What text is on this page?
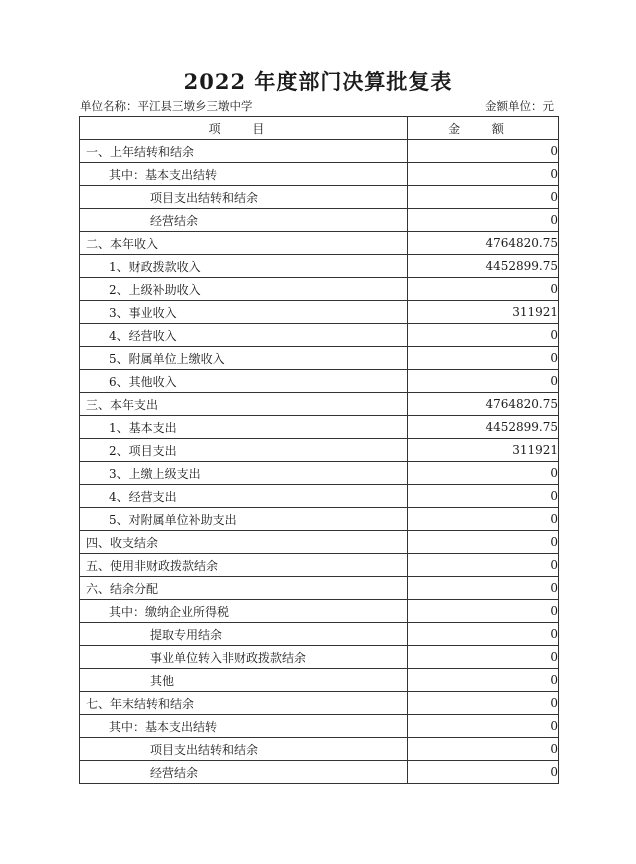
2022 年度部门决算批复表
单位名称：平江县三墩乡三墩中学	金额单位：元
项 目	金 额
一、上年结转和结余	0
其中：基本支出结转	0
项目支出结转和结余	0
经营结余	0
二、本年收入	4764820.75
1、财政拨款收入	4452899.75
2、上级补助收入	0
3、事业收入	311921
4、经营收入	0
5、附属单位上缴收入	0
6、其他收入	0
三、本年支出	4764820.75
1、基本支出	4452899.75
2、项目支出	311921
3、上缴上级支出	0
4、经营支出	0
5、对附属单位补助支出	0
四、收支结余	0
五、使用非财政拨款结余	0
六、结余分配	0
其中：缴纳企业所得税	0
提取专用结余	0
事业单位转入非财政拨款结余	0
其他	0
七、年末结转和结余	0
其中：基本支出结转	0
项目支出结转和结余	0
经营结余	0
